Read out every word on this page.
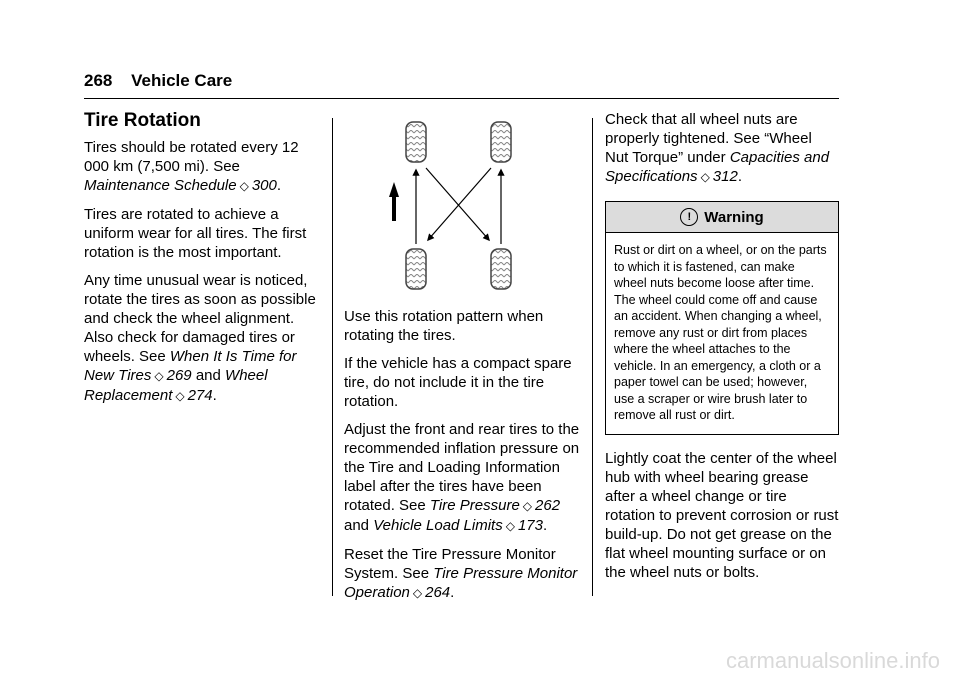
268 Vehicle Care
Tire Rotation

Tires should be rotated every 12 000 km (7,500 mi). See Maintenance Schedule ◇ 300.

Tires are rotated to achieve a uniform wear for all tires. The first rotation is the most important.

Any time unusual wear is noticed, rotate the tires as soon as possible and check the wheel alignment. Also check for damaged tires or wheels. See When It Is Time for New Tires ◇ 269 and Wheel Replacement ◇ 274.

Use this rotation pattern when rotating the tires.

If the vehicle has a compact spare tire, do not include it in the tire rotation.

Adjust the front and rear tires to the recommended inflation pressure on the Tire and Loading Information label after the tires have been rotated. See Tire Pressure ◇ 262 and Vehicle Load Limits ◇ 173.

Reset the Tire Pressure Monitor System. See Tire Pressure Monitor Operation ◇ 264.

Check that all wheel nuts are properly tightened. See “Wheel Nut Torque” under Capacities and Specifications ◇ 312.

! Warning
Rust or dirt on a wheel, or on the parts to which it is fastened, can make wheel nuts become loose after time. The wheel could come off and cause an accident. When changing a wheel, remove any rust or dirt from places where the wheel attaches to the vehicle. In an emergency, a cloth or a paper towel can be used; however, use a scraper or wire brush later to remove all rust or dirt.

Lightly coat the center of the wheel hub with wheel bearing grease after a wheel change or tire rotation to prevent corrosion or rust build-up. Do not get grease on the flat wheel mounting surface or on the wheel nuts or bolts.

carmanualsonline.info
